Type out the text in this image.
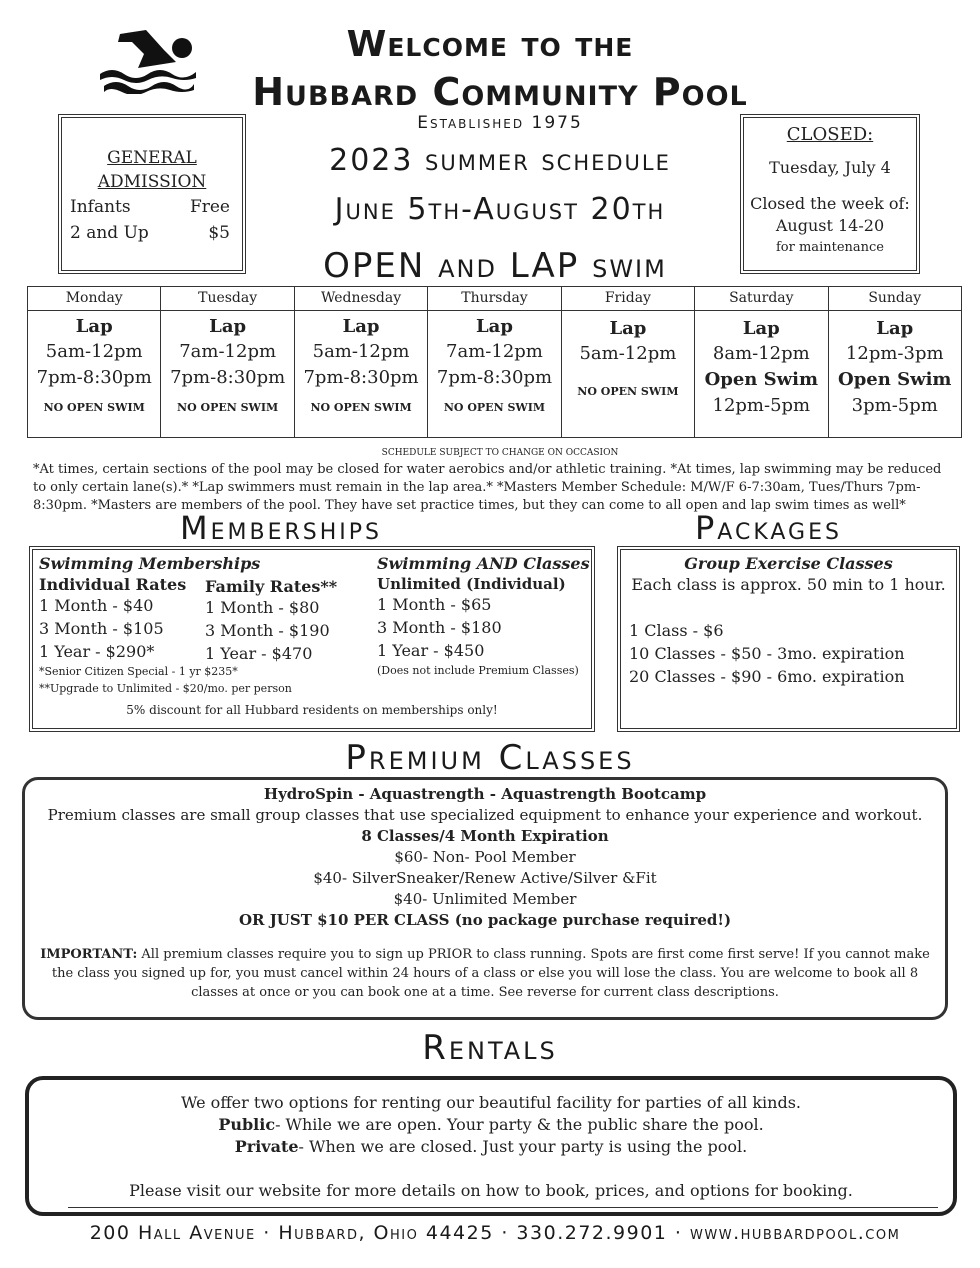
Welcome to the
Hubbard Community Pool
Established 1975
2023 summer schedule
June 5th-August 20th
OPEN and LAP swim
GENERAL
ADMISSION
Infants	Free
2 and Up	$5
CLOSED:
Tuesday, July 4
Closed the week of:
August 14-20
for maintenance
Monday
Lap
5am-12pm
7pm-8:30pm
NO OPEN SWIM
Tuesday
Lap
7am-12pm
7pm-8:30pm
NO OPEN SWIM
Wednesday
Lap
5am-12pm
7pm-8:30pm
NO OPEN SWIM
Thursday
Lap
7am-12pm
7pm-8:30pm
NO OPEN SWIM
Friday
Lap
5am-12pm
NO OPEN SWIM
Saturday
Lap
8am-12pm
Open Swim
12pm-5pm
Sunday
Lap
12pm-3pm
Open Swim
3pm-5pm
SCHEDULE SUBJECT TO CHANGE ON OCCASION
*At times, certain sections of the pool may be closed for water aerobics and/or athletic training. *At times, lap swimming may be reduced to only certain lane(s).* *Lap swimmers must remain in the lap area.* *Masters Member Schedule: M/W/F 6-7:30am, Tues/Thurs 7pm-8:30pm. *Masters are members of the pool. They have set practice times, but they can come to all open and lap swim times as well*
Memberships	Packages
Swimming Memberships
Individual Rates
1 Month - $40
3 Month - $105
1 Year - $290*
*Senior Citizen Special - 1 yr $235*
**Upgrade to Unlimited - $20/mo. per person
Family Rates**
1 Month - $80
3 Month - $190
1 Year - $470
Swimming AND Classes
Unlimited (Individual)
1 Month - $65
3 Month - $180
1 Year - $450
(Does not include Premium Classes)
5% discount for all Hubbard residents on memberships only!
Group Exercise Classes
Each class is approx. 50 min to 1 hour.
1 Class - $6
10 Classes - $50 - 3mo. expiration
20 Classes - $90 - 6mo. expiration
Premium Classes
HydroSpin - Aquastrength - Aquastrength Bootcamp
Premium classes are small group classes that use specialized equipment to enhance your experience and workout.
8 Classes/4 Month Expiration
$60- Non- Pool Member
$40- SilverSneaker/Renew Active/Silver &Fit
$40- Unlimited Member
OR JUST $10 PER CLASS (no package purchase required!)
IMPORTANT: All premium classes require you to sign up PRIOR to class running. Spots are first come first serve! If you cannot make the class you signed up for, you must cancel within 24 hours of a class or else you will lose the class. You are welcome to book all 8 classes at once or you can book one at a time. See reverse for current class descriptions.
Rentals
We offer two options for renting our beautiful facility for parties of all kinds.
Public- While we are open. Your party & the public share the pool.
Private- When we are closed. Just your party is using the pool.
Please visit our website for more details on how to book, prices, and options for booking.
200 Hall Avenue · Hubbard, Ohio 44425 · 330.272.9901 · www.hubbardpool.com
